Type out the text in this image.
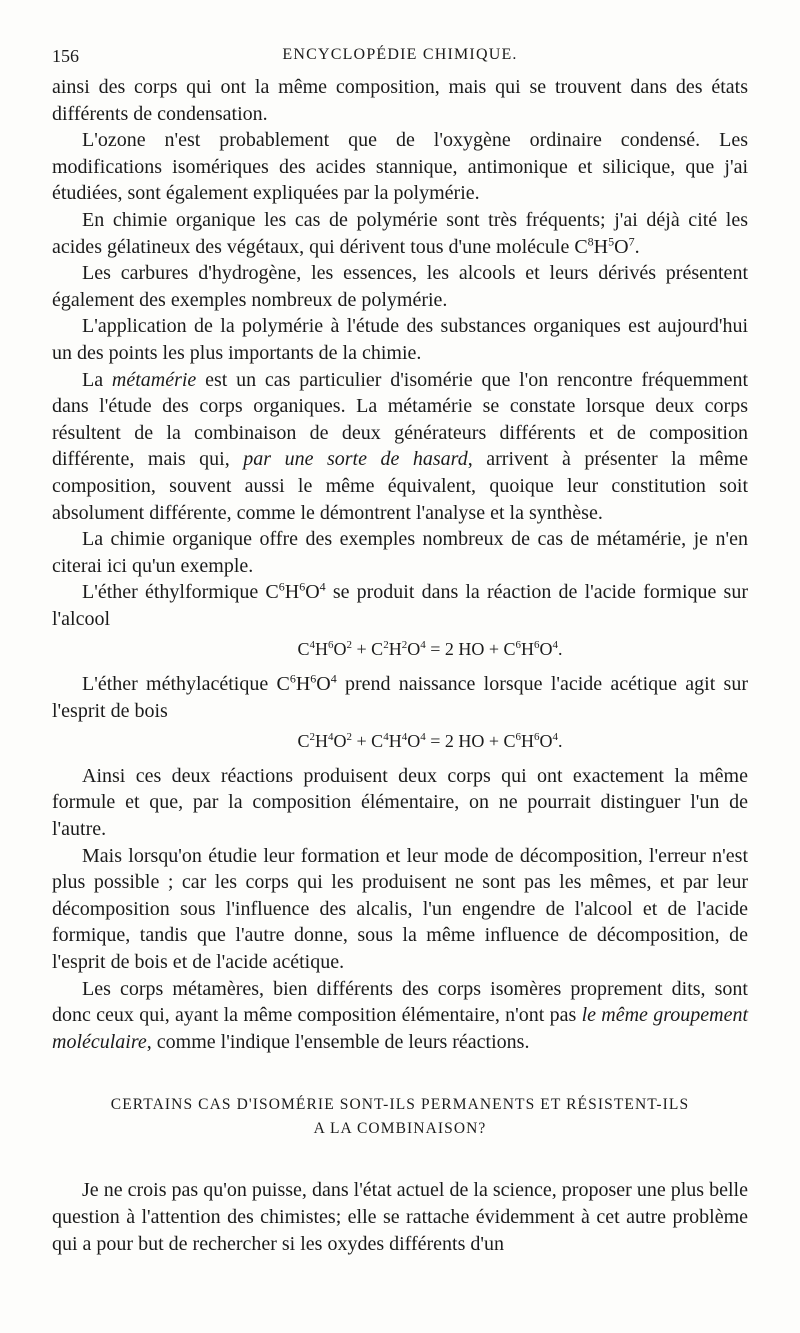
156	ENCYCLOPÉDIE CHIMIQUE.

ainsi des corps qui ont la même composition, mais qui se trouvent dans des états différents de condensation.

L'ozone n'est probablement que de l'oxygène ordinaire condensé. Les modifications isomériques des acides stannique, antimonique et silicique, que j'ai étudiées, sont également expliquées par la polymérie.

En chimie organique les cas de polymérie sont très fréquents; j'ai déjà cité les acides gélatineux des végétaux, qui dérivent tous d'une molécule $C^8H^5O^7$.

Les carbures d'hydrogène, les essences, les alcools et leurs dérivés présentent également des exemples nombreux de polymérie.

L'application de la polymérie à l'étude des substances organiques est aujourd'hui un des points les plus importants de la chimie.

La métamérie est un cas particulier d'isomérie que l'on rencontre fréquemment dans l'étude des corps organiques. La métamérie se constate lorsque deux corps résultent de la combinaison de deux générateurs différents et de composition différente, mais qui, par une sorte de hasard, arrivent à présenter la même composition, souvent aussi le même équivalent, quoique leur constitution soit absolument différente, comme le démontrent l'analyse et la synthèse.

La chimie organique offre des exemples nombreux de cas de métamérie, je n'en citerai ici qu'un exemple.

L'éther éthylformique $C^6H^6O^4$ se produit dans la réaction de l'acide formique sur l'alcool

$C^4H^6O^2 + C^2H^2O^4 = 2$ HO + $C^6H^6O^4$.

L'éther méthylacétique $C^6H^6O^4$ prend naissance lorsque l'acide acétique agit sur l'esprit de bois

$C^2H^4O^2 + C^4H^4O^4 = 2$ HO + $C^6H^6O^4$.

Ainsi ces deux réactions produisent deux corps qui ont exactement la même formule et que, par la composition élémentaire, on ne pourrait distinguer l'un de l'autre.

Mais lorsqu'on étudie leur formation et leur mode de décomposition, l'erreur n'est plus possible ; car les corps qui les produisent ne sont pas les mêmes, et par leur décomposition sous l'influence des alcalis, l'un engendre de l'alcool et de l'acide formique, tandis que l'autre donne, sous la même influence de décomposition, de l'esprit de bois et de l'acide acétique.

Les corps métamères, bien différents des corps isomères proprement dits, sont donc ceux qui, ayant la même composition élémentaire, n'ont pas le même groupement moléculaire, comme l'indique l'ensemble de leurs réactions.

CERTAINS CAS D'ISOMÉRIE SONT-ILS PERMANENTS ET RÉSISTENT-ILS
A LA COMBINAISON?

Je ne crois pas qu'on puisse, dans l'état actuel de la science, proposer une plus belle question à l'attention des chimistes; elle se rattache évidemment à cet autre problème qui a pour but de rechercher si les oxydes différents d'un
